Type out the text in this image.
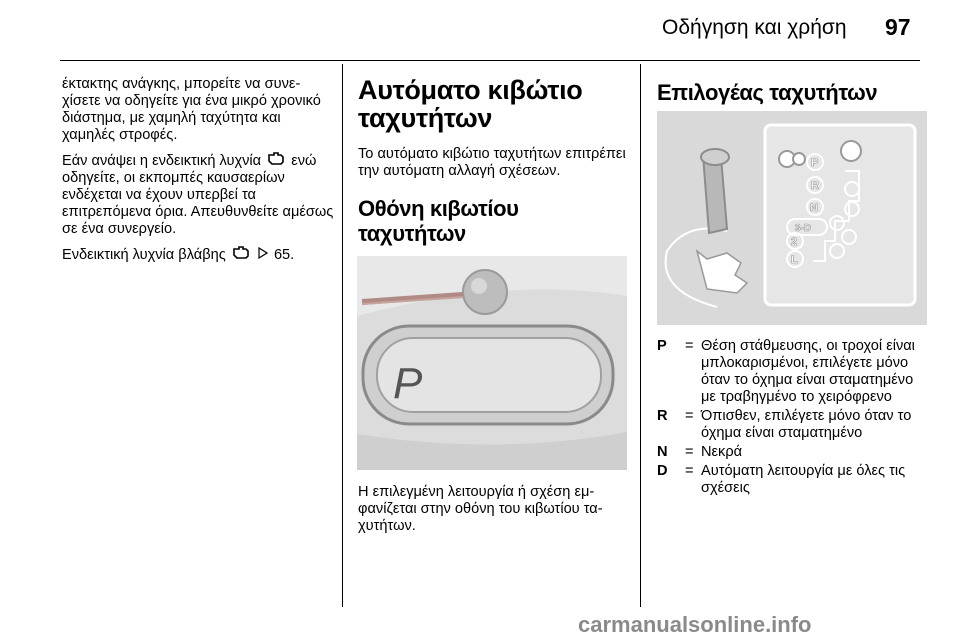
Οδήγηση και χρήση 97

έκτακτης ανάγκης, μπορείτε να συνεχίσετε να οδηγείτε για ένα μικρό χρονικό διάστημα, με χαμηλή ταχύτητα και χαμηλές στροφές.

Εάν ανάψει η ενδεικτική λυχνία ενώ οδηγείτε, οι εκπομπές καυσαερίων ενδέχεται να έχουν υπερβεί τα επιτρεπόμενα όρια. Απευθυνθείτε αμέσως σε ένα συνεργείο.

Ενδεικτική λυχνία βλάβης	65.

Αυτόματο κιβώτιο ταχυτήτων

Το αυτόματο κιβώτιο ταχυτήτων επιτρέπει την αυτόματη αλλαγή σχέσεων.

Οθόνη κιβωτίου ταχυτήτων
P

Η επιλεγμένη λειτουργία ή σχέση εμφανίζεται στην οθόνη του κιβωτίου ταχυτήτων.

Επιλογέας ταχυτήτων
P
R
N
3-D
2
L
P	= Θέση στάθμευσης, οι τροχοί είναι μπλοκαρισμένοι, επιλέγετε μόνο όταν το όχημα είναι σταματημένο με τραβηγμένο το χειρόφρενο
R	= Όπισθεν, επιλέγετε μόνο όταν το όχημα είναι σταματημένο
N	= Νεκρά
D	= Αυτόματη λειτουργία με όλες τις σχέσεις
carmanualsonline.info
